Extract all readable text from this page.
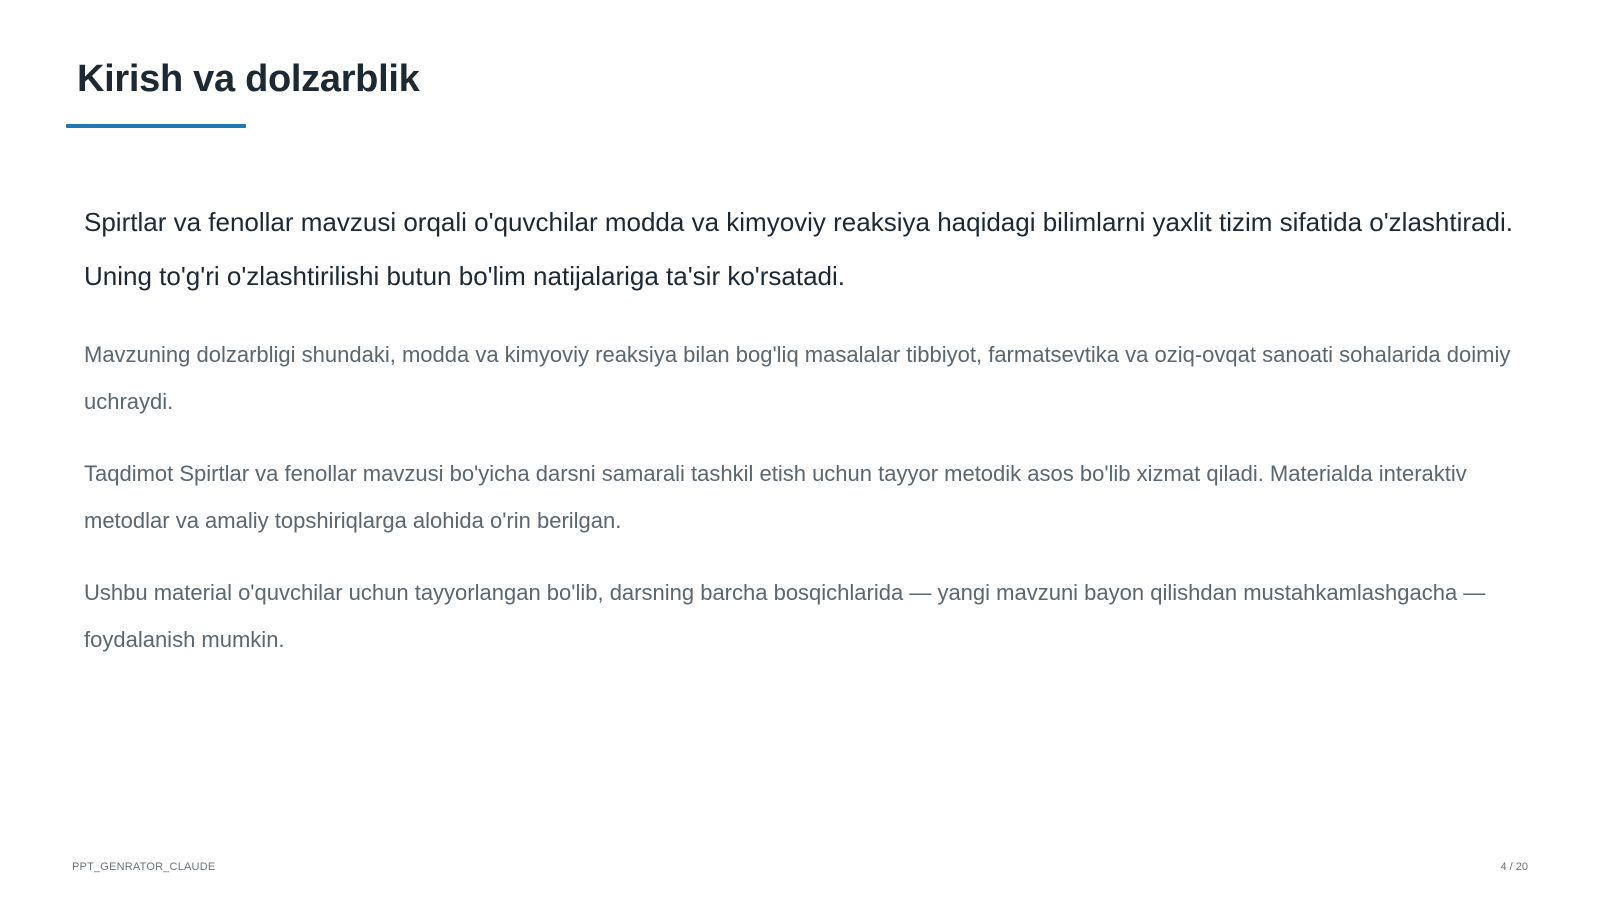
Kirish va dolzarblik

Spirtlar va fenollar mavzusi orqali o'quvchilar modda va kimyoviy reaksiya haqidagi bilimlarni yaxlit tizim sifatida o'zlashtiradi. Uning to'g'ri o'zlashtirilishi butun bo'lim natijalariga ta'sir ko'rsatadi.

Mavzuning dolzarbligi shundaki, modda va kimyoviy reaksiya bilan bog'liq masalalar tibbiyot, farmatsevtika va oziq-ovqat sanoati sohalarida doimiy uchraydi.

Taqdimot Spirtlar va fenollar mavzusi bo'yicha darsni samarali tashkil etish uchun tayyor metodik asos bo'lib xizmat qiladi. Materialda interaktiv metodlar va amaliy topshiriqlarga alohida o'rin berilgan.

Ushbu material o'quvchilar uchun tayyorlangan bo'lib, darsning barcha bosqichlarida — yangi mavzuni bayon qilishdan mustahkamlashgacha — foydalanish mumkin.

PPT_GENRATOR_CLAUDE	4 / 20
